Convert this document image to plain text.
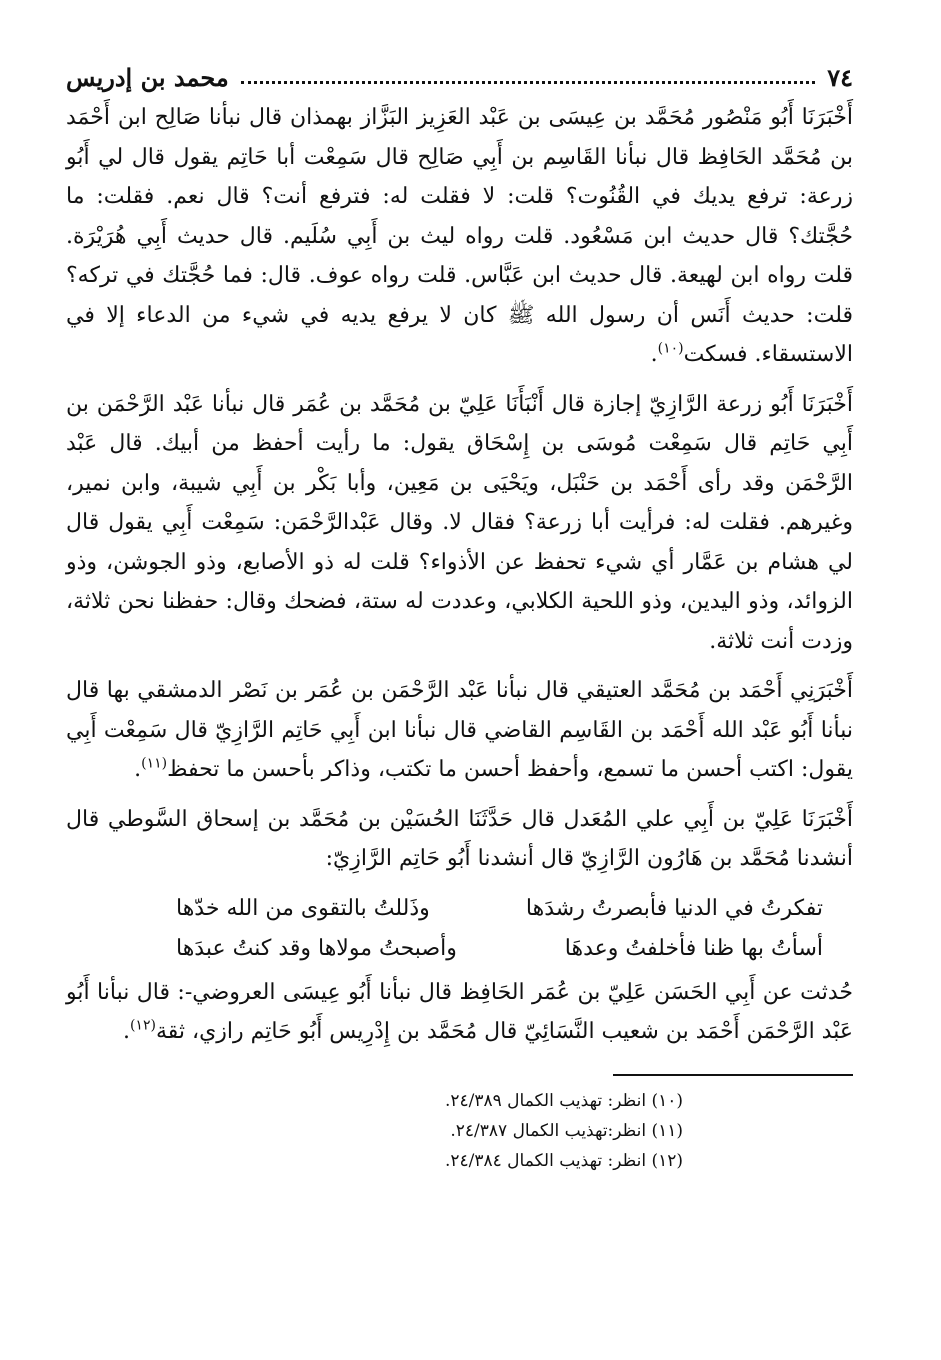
٧٤
محمد بن إدريس

أَخْبَرَنَا أَبُو مَنْصُور مُحَمَّد بن عِيسَى بن عَبْد العَزِيز البَزَّاز بهمذان قال نبأنا صَالِح ابن أَحْمَد بن مُحَمَّد الحَافِظ قال نبأنا القَاسِم بن أَبِي صَالِح قال سَمِعْت أبا حَاتِم يقول قال لي أَبُو زرعة: ترفع يديك في القُنُوت؟ قلت: لا فقلت له: فترفع أنت؟ قال نعم. فقلت: ما حُجَّتك؟ قال حديث ابن مَسْعُود. قلت رواه ليث بن أَبِي سُلَيم. قال حديث أَبِي هُرَيْرَة. قلت رواه ابن لهيعة. قال حديث ابن عَبَّاس. قلت رواه عوف. قال: فما حُجَّتك في تركه؟ قلت: حديث أَنَس أن رسول الله ﷺ كان لا يرفع يديه في شيء من الدعاء إلا في الاستسقاء. فسكت$^{(١٠)}$.

أَخْبَرَنَا أَبُو زرعة الرَّازِيّ إجازة قال أَنْبَأَنَا عَلِيّ بن مُحَمَّد بن عُمَر قال نبأنا عَبْد الرَّحْمَن بن أَبِي حَاتِم قال سَمِعْت مُوسَى بن إِسْحَاق يقول: ما رأيت أحفظ من أبيك. قال عَبْد الرَّحْمَن وقد رأى أَحْمَد بن حَنْبَل، ويَحْيَى بن مَعِين، وأبا بَكْر بن أَبِي شيبة، وابن نمير، وغيرهم. فقلت له: فرأيت أبا زرعة؟ فقال لا. وقال عَبْدالرَّحْمَن: سَمِعْت أَبِي يقول قال لي هشام بن عَمَّار أي شيء تحفظ عن الأذواء؟ قلت له ذو الأصابع، وذو الجوشن، وذو الزوائد، وذو اليدين، وذو اللحية الكلابي، وعددت له ستة، فضحك وقال: حفظنا نحن ثلاثة، وزدت أنت ثلاثة.

أَخْبَرَنِي أَحْمَد بن مُحَمَّد العتيقي قال نبأنا عَبْد الرَّحْمَن بن عُمَر بن نَصْر الدمشقي بها قال نبأنا أَبُو عَبْد الله أَحْمَد بن القَاسِم القاضي قال نبأنا ابن أَبِي حَاتِم الرَّازِيّ قال سَمِعْت أَبِي يقول: اكتب أحسن ما تسمع، وأحفظ أحسن ما تكتب، وذاكر بأحسن ما تحفظ$^{(١١)}$.

أَخْبَرَنَا عَلِيّ بن أَبِي علي المُعَدل قال حَدَّثَنَا الحُسَيْن بن مُحَمَّد بن إسحاق السَّوطي قال أنشدنا مُحَمَّد بن هَارُون الرَّازِيّ قال أنشدنا أَبُو حَاتِم الرَّازِيّ:

تفكرتُ في الدنيا فأبصرتُ رشدَها
وذَللتُ بالتقوى من الله خدّها
أسأتُ بها ظنا فأخلفتُ وعدهَا
وأصبحتُ مولاها وقد كنتُ عبدَها

حُدثت عن أَبِي الحَسَن عَلِيّ بن عُمَر الحَافِظ قال نبأنا أَبُو عِيسَى العروضي-: قال نبأنا أَبُو عَبْد الرَّحْمَن أَحْمَد بن شعيب النَّسَائِيّ قال مُحَمَّد بن إِدْرِيس أَبُو حَاتِم رازي، ثقة$^{(١٢)}$.

(١٠) انظر: تهذيب الكمال ٢٤/٣٨٩.
(١١) انظر:تهذيب الكمال ٢٤/٣٨٧.
(١٢) انظر: تهذيب الكمال ٢٤/٣٨٤.
